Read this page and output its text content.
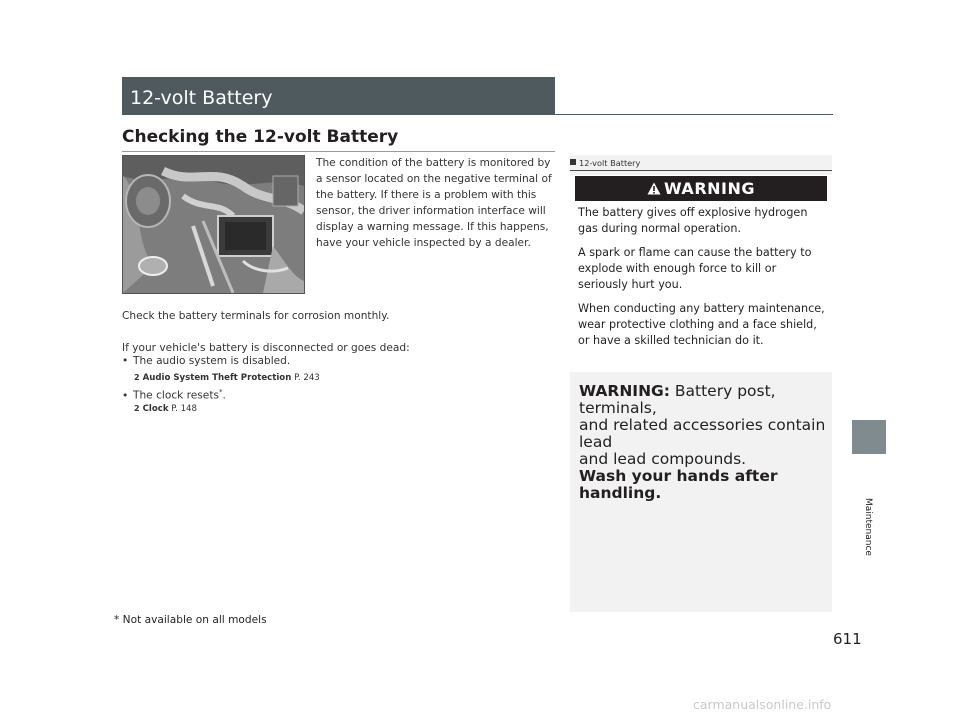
12-volt Battery
Checking the 12-volt Battery
The condition of the battery is monitored by a sensor located on the negative terminal of the battery. If there is a problem with this sensor, the driver information interface will display a warning message. If this happens, have your vehicle inspected by a dealer.
Check the battery terminals for corrosion monthly.
If your vehicle's battery is disconnected or goes dead:
• The audio system is disabled.
2 Audio System Theft Protection P. 243
• The clock resets*.
2 Clock P. 148
12-volt Battery
WARNING

The battery gives off explosive hydrogen gas during normal operation.

A spark or flame can cause the battery to explode with enough force to kill or seriously hurt you.

When conducting any battery maintenance, wear protective clothing and a face shield, or have a skilled technician do it.

WARNING: Battery post, terminals,

and related accessories contain lead

and lead compounds.

Wash your hands after handling.

Maintenance
* Not available on all models
611
carmanualsonline.info
